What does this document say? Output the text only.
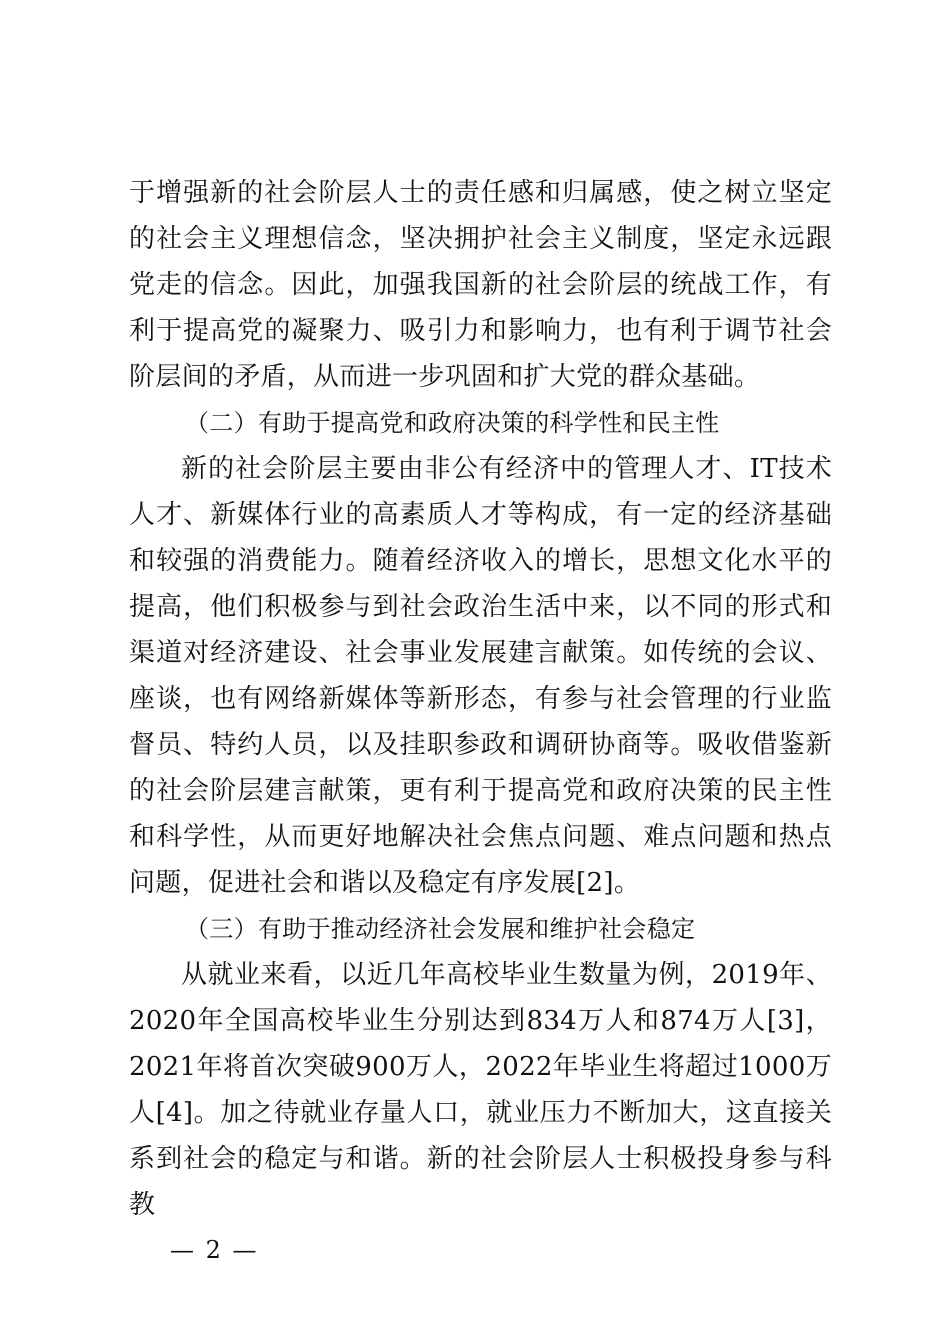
于增强新的社会阶层人士的责任感和归属感，使之树立坚定的社会主义理想信念，坚决拥护社会主义制度，坚定永远跟党走的信念。因此，加强我国新的社会阶层的统战工作，有利于提高党的凝聚力、吸引力和影响力，也有利于调节社会阶层间的矛盾，从而进一步巩固和扩大党的群众基础。

（二）有助于提高党和政府决策的科学性和民主性

新的社会阶层主要由非公有经济中的管理人才、IT技术人才、新媒体行业的高素质人才等构成，有一定的经济基础和较强的消费能力。随着经济收入的增长，思想文化水平的提高，他们积极参与到社会政治生活中来，以不同的形式和渠道对经济建设、社会事业发展建言献策。如传统的会议、座谈，也有网络新媒体等新形态，有参与社会管理的行业监督员、特约人员，以及挂职参政和调研协商等。吸收借鉴新的社会阶层建言献策，更有利于提高党和政府决策的民主性和科学性，从而更好地解决社会焦点问题、难点问题和热点问题，促进社会和谐以及稳定有序发展[2]。

（三）有助于推动经济社会发展和维护社会稳定

从就业来看，以近几年高校毕业生数量为例，2019年、2020年全国高校毕业生分别达到834万人和874万人[3]，2021年将首次突破900万人，2022年毕业生将超过1000万人[4]。加之待就业存量人口，就业压力不断加大，这直接关系到社会的稳定与和谐。新的社会阶层人士积极投身参与科教

— 2 —
